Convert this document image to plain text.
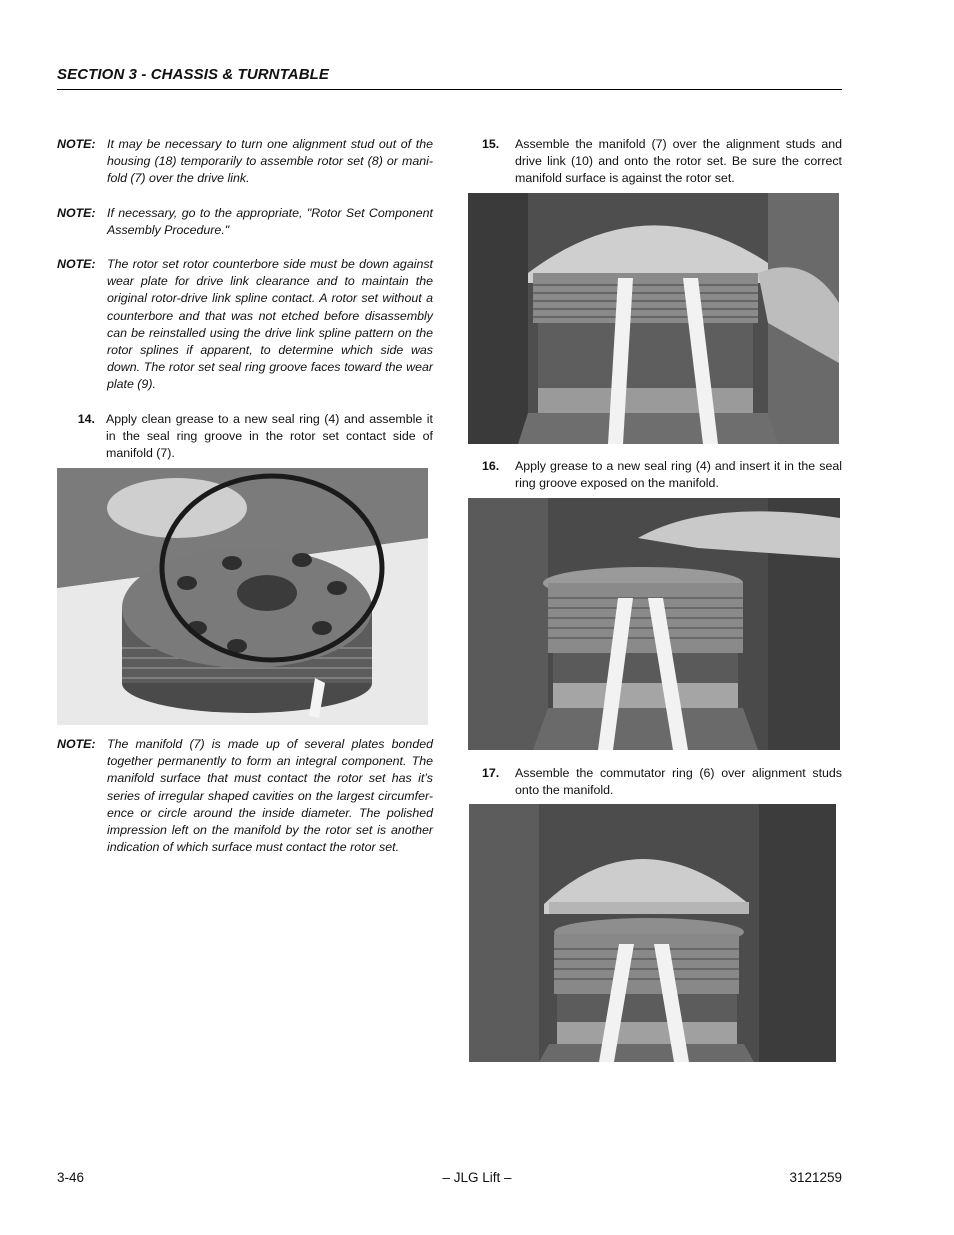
SECTION 3 - CHASSIS & TURNTABLE
NOTE: It may be necessary to turn one alignment stud out of the housing (18) temporarily to assemble rotor set (8) or mani-fold (7) over the drive link.
NOTE: If necessary, go to the appropriate, "Rotor Set Component Assembly Procedure."
NOTE: The rotor set rotor counterbore side must be down against wear plate for drive link clearance and to maintain the original rotor-drive link spline contact. A rotor set without a counterbore and that was not etched before disassembly can be reinstalled using the drive link spline pattern on the rotor splines if apparent, to determine which side was down. The rotor set seal ring groove faces toward the wear plate (9).
14. Apply clean grease to a new seal ring (4) and assemble it in the seal ring groove in the rotor set contact side of manifold (7).
NOTE: The manifold (7) is made up of several plates bonded together permanently to form an integral component. The manifold surface that must contact the rotor set has it’s series of irregular shaped cavities on the largest circumfer-ence or circle around the inside diameter. The polished impression left on the manifold by the rotor set is another indication of which surface must contact the rotor set.
15.	Assemble the manifold (7) over the alignment studs and drive link (10) and onto the rotor set. Be sure the correct manifold surface is against the rotor set.
16.	Apply grease to a new seal ring (4) and insert it in the seal ring groove exposed on the manifold.
17.	Assemble the commutator ring (6) over alignment studs onto the manifold.
3-46	– JLG Lift –	3121259
